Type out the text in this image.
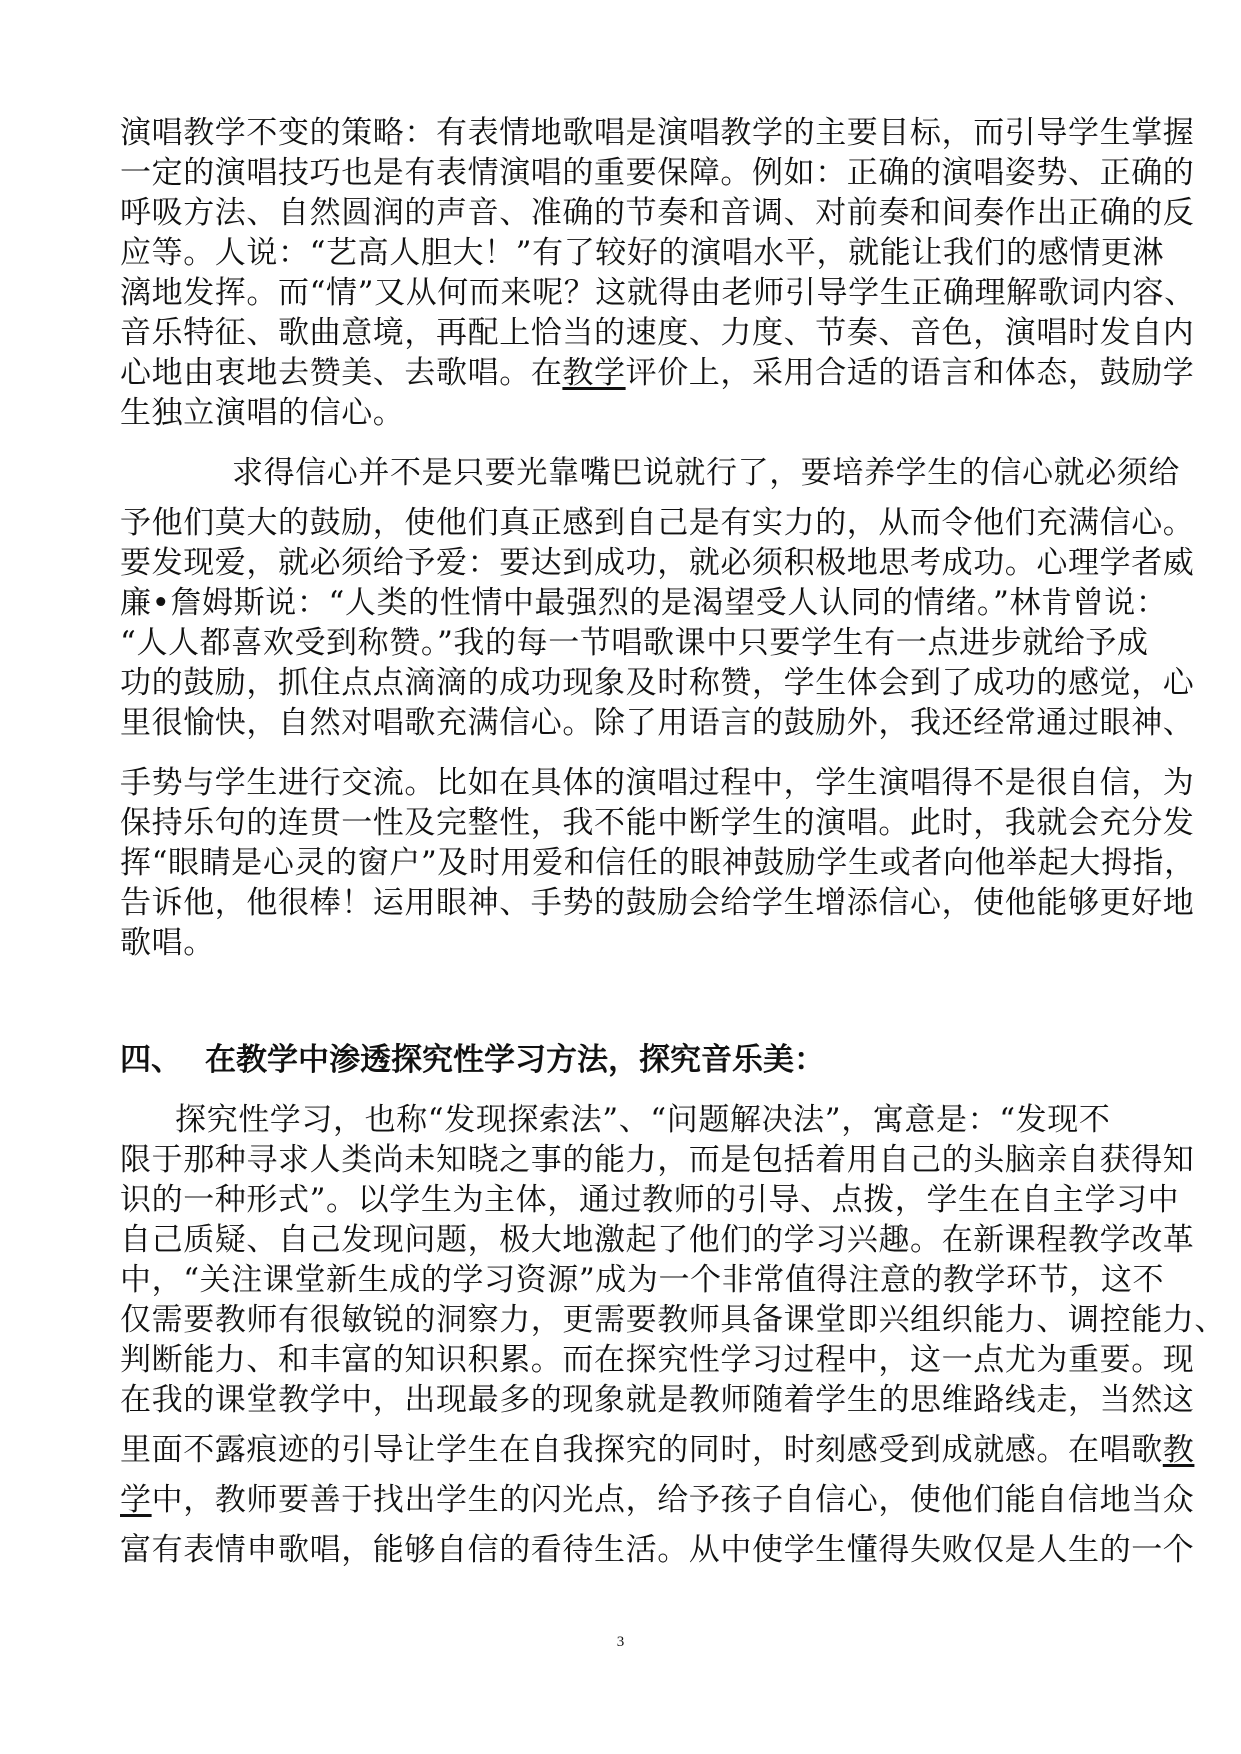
演唱教学不变的策略：有表情地歌唱是演唱教学的主要目标，而引导学生掌握
一定的演唱技巧也是有表情演唱的重要保障。例如：正确的演唱姿势、正确的
呼吸方法、自然圆润的声音、准确的节奏和音调、对前奏和间奏作出正确的反
应等。人说：“艺高人胆大！”有了较好的演唱水平，就能让我们的感情更淋
漓地发挥。而“情”又从何而来呢？这就得由老师引导学生正确理解歌词内容、
音乐特征、歌曲意境，再配上恰当的速度、力度、节奏、音色，演唱时发自内
心地由衷地去赞美、去歌唱。在教学评价上，采用合适的语言和体态，鼓励学
生独立演唱的信心。
求得信心并不是只要光靠嘴巴说就行了，要培养学生的信心就必须给
予他们莫大的鼓励，使他们真正感到自己是有实力的，从而令他们充满信心。
要发现爱，就必须给予爱：要达到成功，就必须积极地思考成功。心理学者威
廉•詹姆斯说：“人类的性情中最强烈的是渴望受人认同的情绪。”林肯曾说：
“人人都喜欢受到称赞。”我的每一节唱歌课中只要学生有一点进步就给予成
功的鼓励，抓住点点滴滴的成功现象及时称赞，学生体会到了成功的感觉，心
里很愉快，自然对唱歌充满信心。除了用语言的鼓励外，我还经常通过眼神、
手势与学生进行交流。比如在具体的演唱过程中，学生演唱得不是很自信，为
保持乐句的连贯一性及完整性，我不能中断学生的演唱。此时，我就会充分发
挥“眼睛是心灵的窗户”及时用爱和信任的眼神鼓励学生或者向他举起大拇指，
告诉他，他很棒！运用眼神、手势的鼓励会给学生增添信心，使他能够更好地
歌唱。
四、 在教学中渗透探究性学习方法，探究音乐美：
探究性学习，也称“发现探索法”、“问题解决法”，寓意是：“发现不
限于那种寻求人类尚未知晓之事的能力，而是包括着用自己的头脑亲自获得知
识的一种形式”。以学生为主体，通过教师的引导、点拨，学生在自主学习中
自己质疑、自己发现问题，极大地激起了他们的学习兴趣。在新课程教学改革
中，“关注课堂新生成的学习资源”成为一个非常值得注意的教学环节，这不
仅需要教师有很敏锐的洞察力，更需要教师具备课堂即兴组织能力、调控能力、
判断能力、和丰富的知识积累。而在探究性学习过程中，这一点尤为重要。现
在我的课堂教学中，出现最多的现象就是教师随着学生的思维路线走，当然这
里面不露痕迹的引导让学生在自我探究的同时，时刻感受到成就感。在唱歌教
学中，教师要善于找出学生的闪光点，给予孩子自信心，使他们能自信地当众
富有表情申歌唱，能够自信的看待生活。从中使学生懂得失败仅是人生的一个
3
